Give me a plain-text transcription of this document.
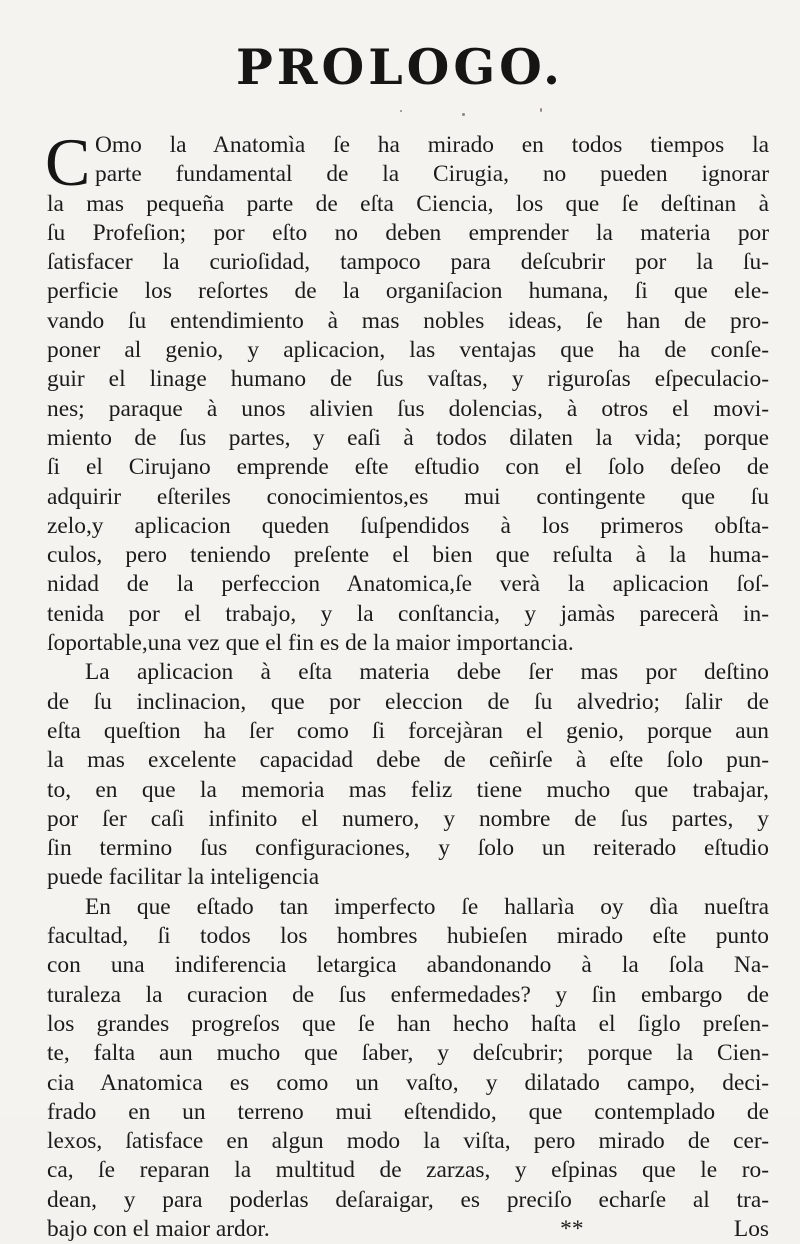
PROLOGO.
C Omo la Anatomìa ſe ha mirado en todos tiempos la
parte fundamental de la Cirugia, no pueden ignorar
la mas pequeña parte de eſta Ciencia, los que ſe deſtinan à
ſu Profeſion; por eſto no deben emprender la materia por
ſatisfacer la curioſidad, tampoco para deſcubrir por la ſu-
perficie los reſortes de la organiſacion humana, ſi que ele-
vando ſu entendimiento à mas nobles ideas, ſe han de pro-
poner al genio, y aplicacion, las ventajas que ha de conſe-
guir el linage humano de ſus vaſtas, y riguroſas eſpeculacio-
nes; paraque à unos alivien ſus dolencias, à otros el movi-
miento de ſus partes, y eaſi à todos dilaten la vida; porque
ſi el Cirujano emprende eſte eſtudio con el ſolo deſeo de
adquirir eſteriles conocimientos,es mui contingente que ſu
zelo,y aplicacion queden ſuſpendidos à los primeros obſta-
culos, pero teniendo preſente el bien que reſulta à la huma-
nidad de la perfeccion Anatomica,ſe verà la aplicacion ſoſ-
tenida por el trabajo, y la conſtancia, y jamàs parecerà in-
ſoportable,una vez que el fin es de la maior importancia.
La aplicacion à eſta materia debe ſer mas por deſtino
de ſu inclinacion, que por eleccion de ſu alvedrio; ſalir de
eſta queſtion ha ſer como ſi forcejàran el genio, porque aun
la mas excelente capacidad debe de ceñirſe à eſte ſolo pun-
to, en que la memoria mas feliz tiene mucho que trabajar,
por ſer caſi infinito el numero, y nombre de ſus partes, y
ſin termino ſus configuraciones, y ſolo un reiterado eſtudio
puede facilitar la inteligencia
En que eſtado tan imperfecto ſe hallarìa oy dìa nueſtra
facultad, ſi todos los hombres hubieſen mirado eſte punto
con una indiferencia letargica abandonando à la ſola Na-
turaleza la curacion de ſus enfermedades? y ſin embargo de
los grandes progreſos que ſe han hecho haſta el ſiglo preſen-
te, falta aun mucho que ſaber, y deſcubrir; porque la Cien-
cia Anatomica es como un vaſto, y dilatado campo, deci-
frado en un terreno mui eſtendido, que contemplado de
lexos, ſatisface en algun modo la viſta, pero mirado de cer-
ca, ſe reparan la multitud de zarzas, y eſpinas que le ro-
dean, y para poderlas deſaraigar, es preciſo echarſe al tra-
bajo con el maior ardor.	**	Los
